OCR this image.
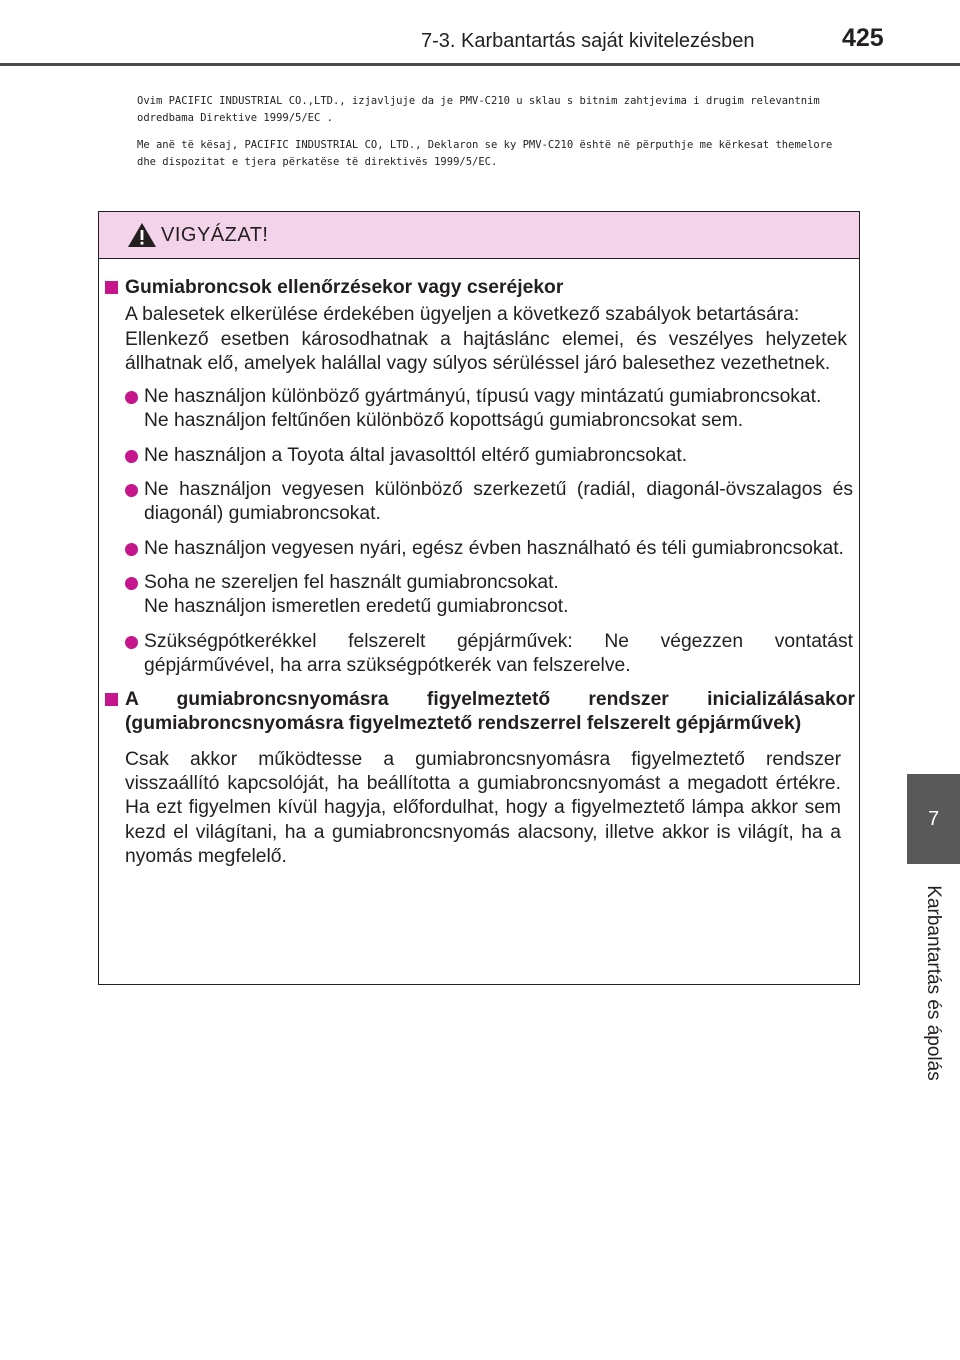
7-3. Karbantartás saját kivitelezésben	425

Ovim PACIFIC INDUSTRIAL CO.,LTD., izjavljuje da je PMV-C210 u sklau s bitnim zahtjevima i drugim relevantnim odredbama Direktive 1999/5/EC .

Me anë të kësaj, PACIFIC INDUSTRIAL CO, LTD., Deklaron se ky PMV-C210 është në përputhje me kërkesat themelore dhe dispozitat e tjera përkatëse të direktivës 1999/5/EC.

7
Karbantartás és ápolás
VIGYÁZAT!
Gumiabroncsok ellenőrzésekor vagy cseréjekor
A balesetek elkerülése érdekében ügyeljen a következő szabályok betartására:
Ellenkező esetben károsodhatnak a hajtáslánc elemei, és veszélyes helyzetek állhatnak elő, amelyek halállal vagy súlyos sérüléssel járó balesethez vezethetnek.
Ne használjon különböző gyártmányú, típusú vagy mintázatú gumiabroncsokat.
Ne használjon feltűnően különböző kopottságú gumiabroncsokat sem.
Ne használjon a Toyota által javasolttól eltérő gumiabroncsokat.
Ne használjon vegyesen különböző szerkezetű (radiál, diagonál-övszalagos és diagonál) gumiabroncsokat.
Ne használjon vegyesen nyári, egész évben használható és téli gumiabroncsokat.
Soha ne szereljen fel használt gumiabroncsokat.
Ne használjon ismeretlen eredetű gumiabroncsot.
Szükségpótkerékkel felszerelt gépjárművek: Ne végezzen vontatást gépjárművével, ha arra szükségpótkerék van felszerelve.
A gumiabroncsnyomásra figyelmeztető rendszer inicializálásakor (gumiabroncsnyomásra figyelmeztető rendszerrel felszerelt gépjárművek)
Csak akkor működtesse a gumiabroncsnyomásra figyelmeztető rendszer visszaállító kapcsolóját, ha beállította a gumiabroncsnyomást a megadott értékre. Ha ezt figyelmen kívül hagyja, előfordulhat, hogy a figyelmeztető lámpa akkor sem kezd el világítani, ha a gumiabroncsnyomás alacsony, illetve akkor is világít, ha a nyomás megfelelő.
